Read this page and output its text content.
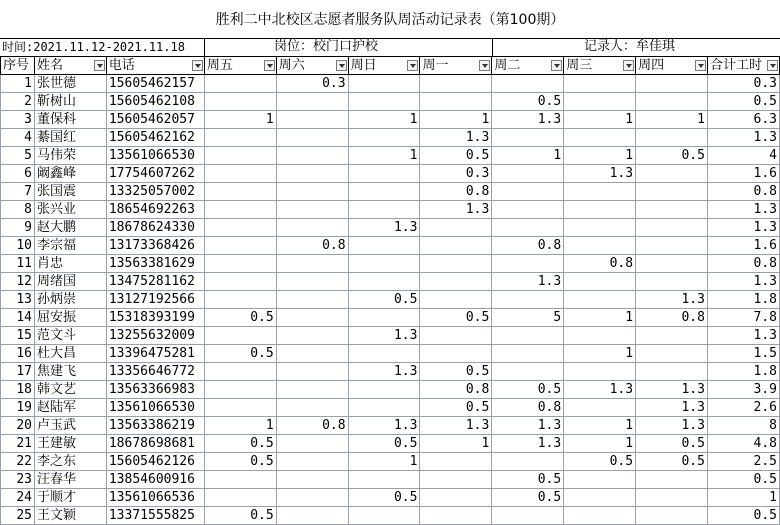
胜利二中北校区志愿者服务队周活动记录表（第100期）
时间:2021.11.12-2021.11.18	岗位：校门口护校	记录人：牟佳琪
序号	姓名	电话	周五	周六	周日	周一	周二	周三	周四	合计工时

1	张世德	15605462157		0.3						0.3
2	靳树山	15605462108					0.5			0.5
3	董保科	15605462057	1		1	1	1.3	1	1	6.3
4	綦国红	15605462162				1.3				1.3
5	马伟荣	13561066530			1	0.5	1	1	0.5	4
6	阚鑫峰	17754607262				0.3		1.3		1.6
7	张国震	13325057002				0.8				0.8
8	张兴业	18654692263				1.3				1.3
9	赵大鹏	18678624330			1.3					1.3
10	李宗福	13173368426		0.8			0.8			1.6
11	肖忠	13563381629						0.8		0.8
12	周绪国	13475281162					1.3			1.3
13	孙炳崇	13127192566			0.5				1.3	1.8
14	屈安振	15318393199	0.5			0.5	5	1	0.8	7.8
15	范文斗	13255632009			1.3					1.3
16	杜大昌	13396475281	0.5					1		1.5
17	焦建飞	13356646772			1.3	0.5				1.8
18	韩文艺	13563366983				0.8	0.5	1.3	1.3	3.9
19	赵陆军	13561066530				0.5	0.8		1.3	2.6
20	卢玉武	13563386219	1	0.8	1.3	1.3	1.3	1	1.3	8
21	王建敏	18678698681	0.5		0.5	1	1.3	1	0.5	4.8
22	李之东	15605462126	0.5		1			0.5	0.5	2.5
23	汪春华	13854600916					0.5			0.5
24	于顺才	13561066536			0.5		0.5			1
25	王文颖	13371555825	0.5							0.5
